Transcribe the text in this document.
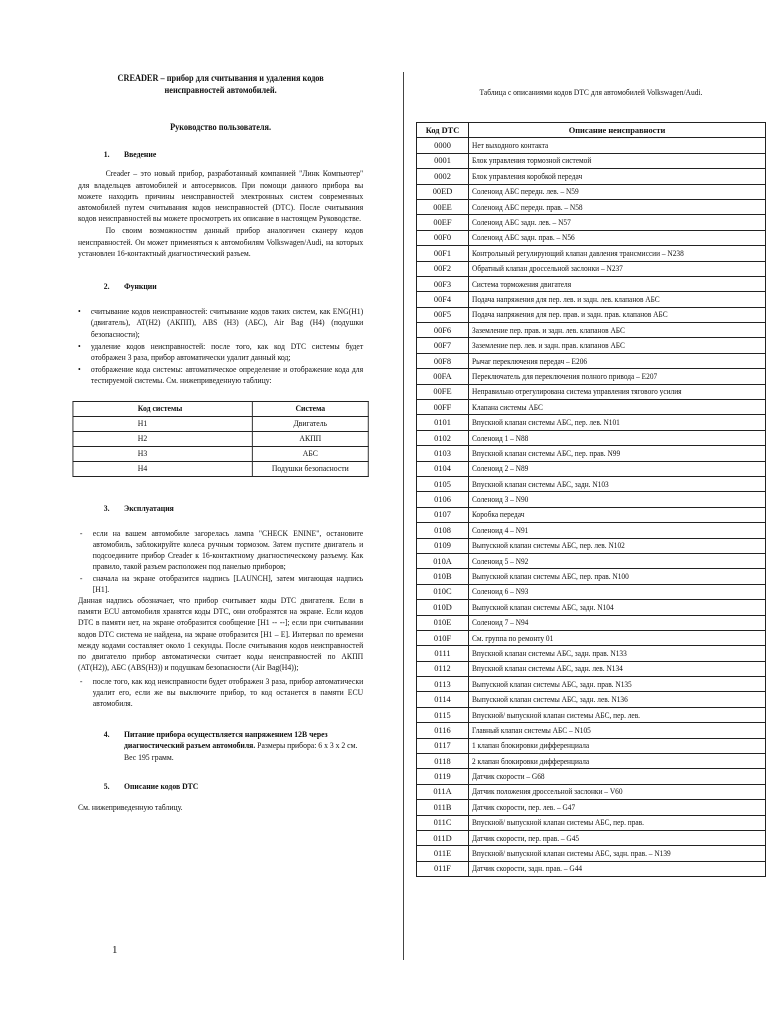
CREADER – прибор для считывания и удаления кодов неисправностей автомобилей.
Руководство пользователя.
1.	Введение

Creader – это новый прибор, разработанный компанией "Линк Компьютер" для владельцев автомобилей и автосервисов. При помощи данного прибора вы можете находить причины неисправностей электронных систем современных автомобилей путем считывания кодов неисправностей (DTC). После считывания кодов неисправностей вы можете просмотреть их описание в настоящем Руководстве.

По своим возможностям данный прибор аналогичен сканеру кодов неисправностей. Он может применяться к автомобилям Volkswagen/Audi, на которых установлен 16-контактный диагностический разъем.

2.	Функции
• считывание кодов неисправностей: считывание кодов таких систем, как ENG(H1) (двигатель), AT(H2) (АКПП), ABS (H3) (АБС), Air Bag (H4) (подушки безопасности);
• удаление кодов неисправностей: после того, как код DTC системы будет отображен 3 раза, прибор автоматически удалит данный код;
• отображение кода системы: автоматическое определение и отображение кода для тестируемой системы. См. нижеприведенную таблицу:
Код системы	Система
H1	Двигатель
H2	АКПП
H3	АБС
H4	Подушки безопасности
3.	Эксплуатация
- если на вашем автомобиле загорелась лампа "CHECK ENINE", остановите автомобиль, заблокируйте колеса ручным тормозом. Затем пустите двигатель и подсоедините прибор Creader к 16-контактному диагностическому разъему. Как правило, такой разъем расположен под панелью приборов;
- сначала на экране отобразится надпись [LAUNCH], затем мигающая надпись [H1].

Данная надпись обозначает, что прибор считывает коды DTC двигателя. Если в памяти ECU автомобиля хранятся коды DTC, они отобразятся на экране. Если кодов DTC в памяти нет, на экране отобразится сообщение [H1 -- --]; если при считывании кодов DTC система не найдена, на экране отобразится [H1 – E]. Интервал по времени между кодами составляет около 1 секунды. После считывания кодов неисправностей по двигателю прибор автоматически считает коды неисправностей по АКПП (AT(H2)), АБС (ABS(H3)) и подушкам безопасности (Air Bag(H4));

- после того, как код неисправности будет отображен 3 раза, прибор автоматически удалит его, если же вы выключите прибор, то код останется в памяти ECU автомобиля.
4.	Питание прибора осуществляется напряжением 12В через диагностический разъем автомобиля. Размеры прибора: 6 х 3 х 2 см. Вес 195 грамм.
5.	Описание кодов DTC

См. нижеприведенную таблицу.

1
Таблица с описаниями кодов DTC для автомобилей Volkswagen/Audi.
Код DTC	Описание неисправности
0000	Нет выходного контакта
0001	Блок управления тормозной системой
0002	Блок управления коробкой передач
00ED	Соленоид АБС передн. лев. – N59
00EE	Соленоид АБС передн. прав. – N58
00EF	Соленоид АБС задн. лев. – N57
00F0	Соленоид АБС задн. прав. – N56
00F1	Контрольный регулирующий клапан давления трансмиссии – N238
00F2	Обратный клапан дроссельной заслонки – N237
00F3	Система торможения двигателя
00F4	Подача напряжения для пер. лев. и задн. лев. клапанов АБС
00F5	Подача напряжения для пер. прав. и задн. прав. клапанов АБС
00F6	Заземление пер. прав. и задн. лев. клапанов АБС
00F7	Заземление пер. лев. и задн. прав. клапанов АБС
00F8	Рычаг переключения передач – E206
00FA	Переключатель для переключения полного привода – E207
00FE	Неправильно отрегулирована система управления тягового усилия
00FF	Клапана системы АБС
0101	Впускной клапан системы АБС, пер. лев. N101
0102	Соленоид 1 – N88
0103	Впускной клапан системы АБС, пер. прав. N99
0104	Соленоид 2 – N89
0105	Впускной клапан системы АБС, задн. N103
0106	Соленоид 3 – N90
0107	Коробка передач
0108	Соленоид 4 – N91
0109	Выпускной клапан системы АБС, пер. лев. N102
010A	Соленоид 5 – N92
010B	Выпускной клапан системы АБС, пер. прав. N100
010C	Соленоид 6 – N93
010D	Выпускной клапан системы АБС, задн. N104
010E	Соленоид 7 – N94
010F	См. группа по ремонту 01
0111	Впускной клапан системы АБС, задн. прав. N133
0112	Впускной клапан системы АБС, задн. лев. N134
0113	Выпускной клапан системы АБС, задн. прав. N135
0114	Выпускной клапан системы АБС, задн. лев. N136
0115	Впускной/ выпускной клапан системы АБС, пер. лев.
0116	Главный клапан системы АБС – N105
0117	1 клапан блокировки дифференциала
0118	2 клапан блокировки дифференциала
0119	Датчик скорости – G68
011A	Датчик положения дроссельной заслонки – V60
011B	Датчик скорости, пер. лев. – G47
011C	Впускной/ выпускной клапан системы АБС, пер. прав.
011D	Датчик скорости, пер. прав. – G45
011E	Впускной/ выпускной клапан системы АБС, задн. прав. – N139
011F	Датчик скорости, задн. прав. – G44
